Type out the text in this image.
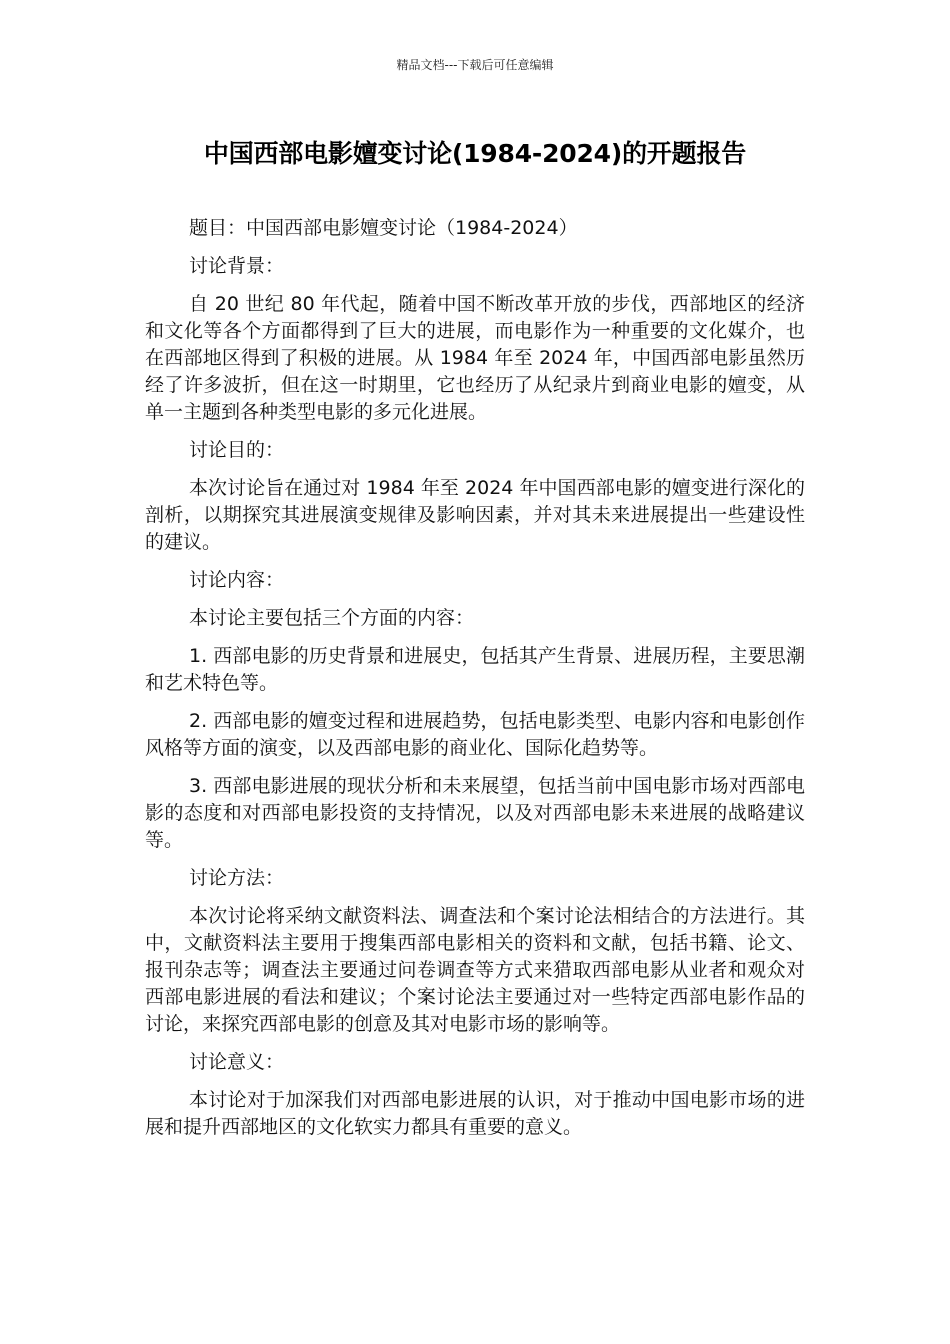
精品文档---下载后可任意编辑
中国西部电影嬗变讨论(1984-2024)的开题报告

题目：中国西部电影嬗变讨论（1984-2024）

讨论背景：

自 20 世纪 80 年代起，随着中国不断改革开放的步伐，西部地区的经济和文化等各个方面都得到了巨大的进展，而电影作为一种重要的文化媒介，也在西部地区得到了积极的进展。从 1984 年至 2024 年，中国西部电影虽然历经了许多波折，但在这一时期里，它也经历了从纪录片到商业电影的嬗变，从单一主题到各种类型电影的多元化进展。

讨论目的：

本次讨论旨在通过对 1984 年至 2024 年中国西部电影的嬗变进行深化的剖析，以期探究其进展演变规律及影响因素，并对其未来进展提出一些建设性的建议。

讨论内容：

本讨论主要包括三个方面的内容：

1. 西部电影的历史背景和进展史，包括其产生背景、进展历程，主要思潮和艺术特色等。

2. 西部电影的嬗变过程和进展趋势，包括电影类型、电影内容和电影创作风格等方面的演变，以及西部电影的商业化、国际化趋势等。

3. 西部电影进展的现状分析和未来展望，包括当前中国电影市场对西部电影的态度和对西部电影投资的支持情况，以及对西部电影未来进展的战略建议等。

讨论方法：

本次讨论将采纳文献资料法、调查法和个案讨论法相结合的方法进行。其中，文献资料法主要用于搜集西部电影相关的资料和文献，包括书籍、论文、报刊杂志等；调查法主要通过问卷调查等方式来猎取西部电影从业者和观众对西部电影进展的看法和建议；个案讨论法主要通过对一些特定西部电影作品的讨论，来探究西部电影的创意及其对电影市场的影响等。

讨论意义：

本讨论对于加深我们对西部电影进展的认识，对于推动中国电影市场的进展和提升西部地区的文化软实力都具有重要的意义。
